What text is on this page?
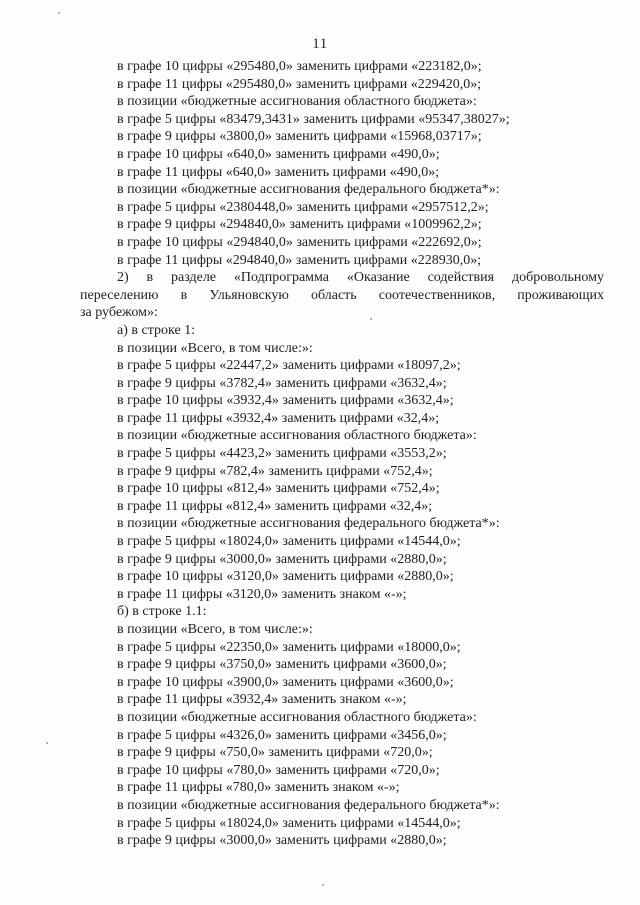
11
в графе 10 цифры «295480,0» заменить цифрами «223182,0»;
в графе 11 цифры «295480,0» заменить цифрами «229420,0»;
в позиции «бюджетные ассигнования областного бюджета»:
в графе 5 цифры «83479,3431» заменить цифрами «95347,38027»;
в графе 9 цифры «3800,0» заменить цифрами «15968,03717»;
в графе 10 цифры «640,0» заменить цифрами «490,0»;
в графе 11 цифры «640,0» заменить цифрами «490,0»;
в позиции «бюджетные ассигнования федерального бюджета*»:
в графе 5 цифры «2380448,0» заменить цифрами «2957512,2»;
в графе 9 цифры «294840,0» заменить цифрами «1009962,2»;
в графе 10 цифры «294840,0» заменить цифрами «222692,0»;
в графе 11 цифры «294840,0» заменить цифрами «228930,0»;
2) в разделе «Подпрограмма «Оказание содействия добровольному
переселению в Ульяновскую область соотечественников, проживающих
за рубежом»:
а) в строке 1:
в позиции «Всего, в том числе:»:
в графе 5 цифры «22447,2» заменить цифрами «18097,2»;
в графе 9 цифры «3782,4» заменить цифрами «3632,4»;
в графе 10 цифры «3932,4» заменить цифрами «3632,4»;
в графе 11 цифры «3932,4» заменить цифрами «32,4»;
в позиции «бюджетные ассигнования областного бюджета»:
в графе 5 цифры «4423,2» заменить цифрами «3553,2»;
в графе 9 цифры «782,4» заменить цифрами «752,4»;
в графе 10 цифры «812,4» заменить цифрами «752,4»;
в графе 11 цифры «812,4» заменить цифрами «32,4»;
в позиции «бюджетные ассигнования федерального бюджета*»:
в графе 5 цифры «18024,0» заменить цифрами «14544,0»;
в графе 9 цифры «3000,0» заменить цифрами «2880,0»;
в графе 10 цифры «3120,0» заменить цифрами «2880,0»;
в графе 11 цифры «3120,0» заменить знаком «-»;
б) в строке 1.1:
в позиции «Всего, в том числе:»:
в графе 5 цифры «22350,0» заменить цифрами «18000,0»;
в графе 9 цифры «3750,0» заменить цифрами «3600,0»;
в графе 10 цифры «3900,0» заменить цифрами «3600,0»;
в графе 11 цифры «3932,4» заменить знаком «-»;
в позиции «бюджетные ассигнования областного бюджета»:
в графе 5 цифры «4326,0» заменить цифрами «3456,0»;
в графе 9 цифры «750,0» заменить цифрами «720,0»;
в графе 10 цифры «780,0» заменить цифрами «720,0»;
в графе 11 цифры «780,0» заменить знаком «-»;
в позиции «бюджетные ассигнования федерального бюджета*»:
в графе 5 цифры «18024,0» заменить цифрами «14544,0»;
в графе 9 цифры «3000,0» заменить цифрами «2880,0»;
